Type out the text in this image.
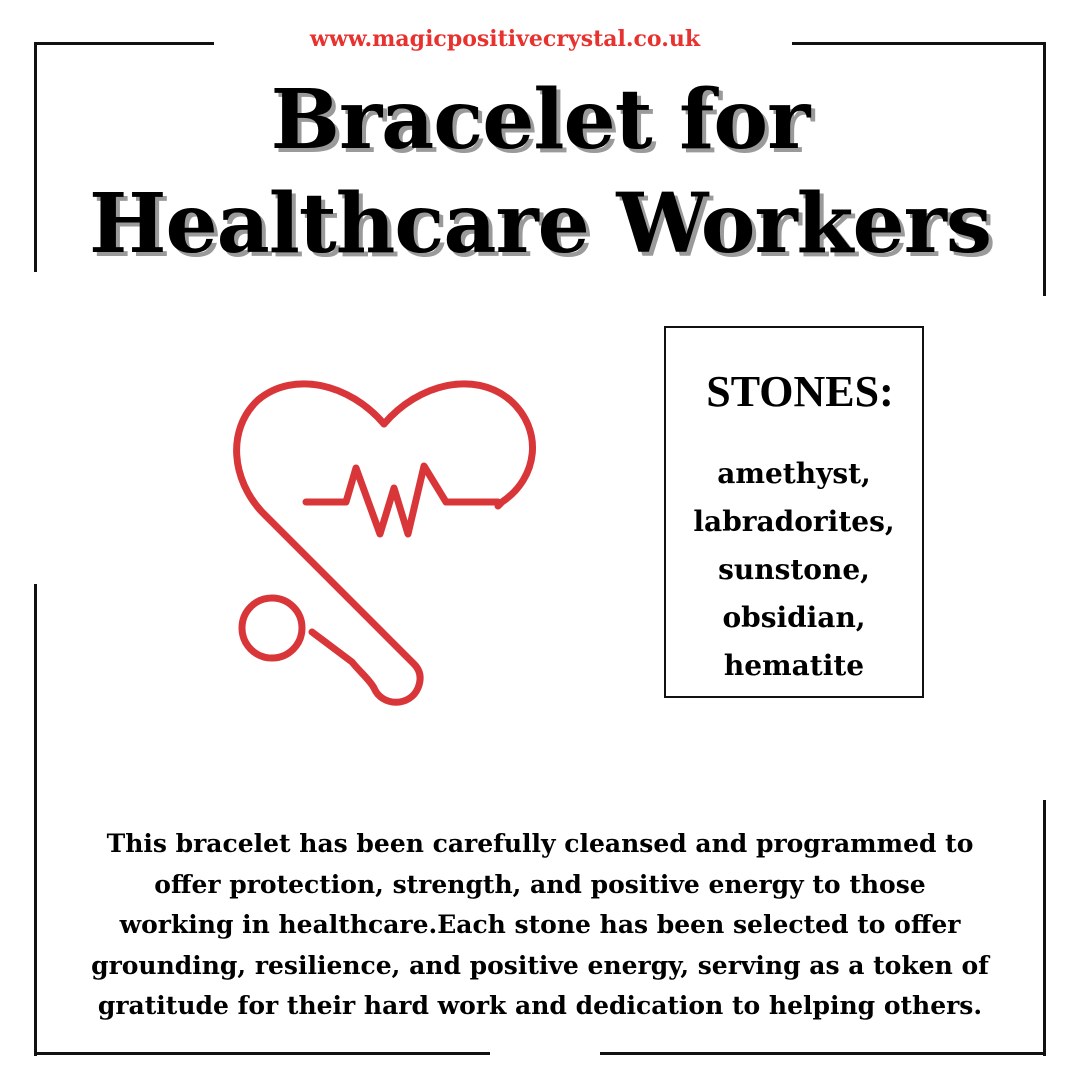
www.magicpositivecrystal.co.uk
Bracelet for
Healthcare Workers
STONES:
amethyst,
labradorites,
sunstone,
obsidian,
hematite

This bracelet has been carefully cleansed and programmed to
offer protection, strength, and positive energy to those
working in healthcare.Each stone has been selected to offer
grounding, resilience, and positive energy, serving as a token of
gratitude for their hard work and dedication to helping others.
